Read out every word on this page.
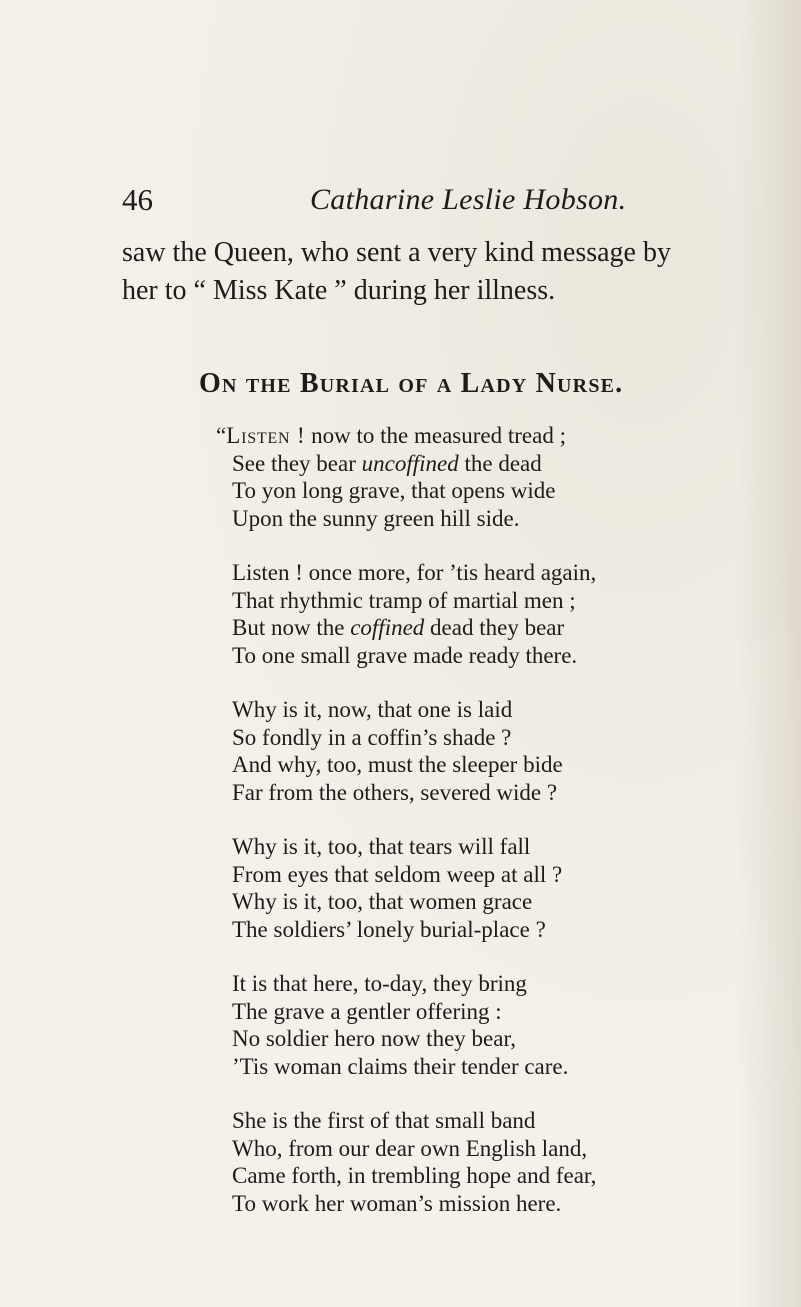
46	Catharine Leslie Hobson.

saw the Queen, who sent a very kind message by
her to “ Miss Kate ” during her illness.

On the Burial of a Lady Nurse.
“Listen ! now to the measured tread ;
See they bear uncoffined the dead
To yon long grave, that opens wide
Upon the sunny green hill side.
Listen ! once more, for ’tis heard again,
That rhythmic tramp of martial men ;
But now the coffined dead they bear
To one small grave made ready there.
Why is it, now, that one is laid
So fondly in a coffin’s shade ?
And why, too, must the sleeper bide
Far from the others, severed wide ?
Why is it, too, that tears will fall
From eyes that seldom weep at all ?
Why is it, too, that women grace
The soldiers’ lonely burial-place ?
It is that here, to-day, they bring
The grave a gentler offering :
No soldier hero now they bear,
’Tis woman claims their tender care.
She is the first of that small band
Who, from our dear own English land,
Came forth, in trembling hope and fear,
To work her woman’s mission here.
